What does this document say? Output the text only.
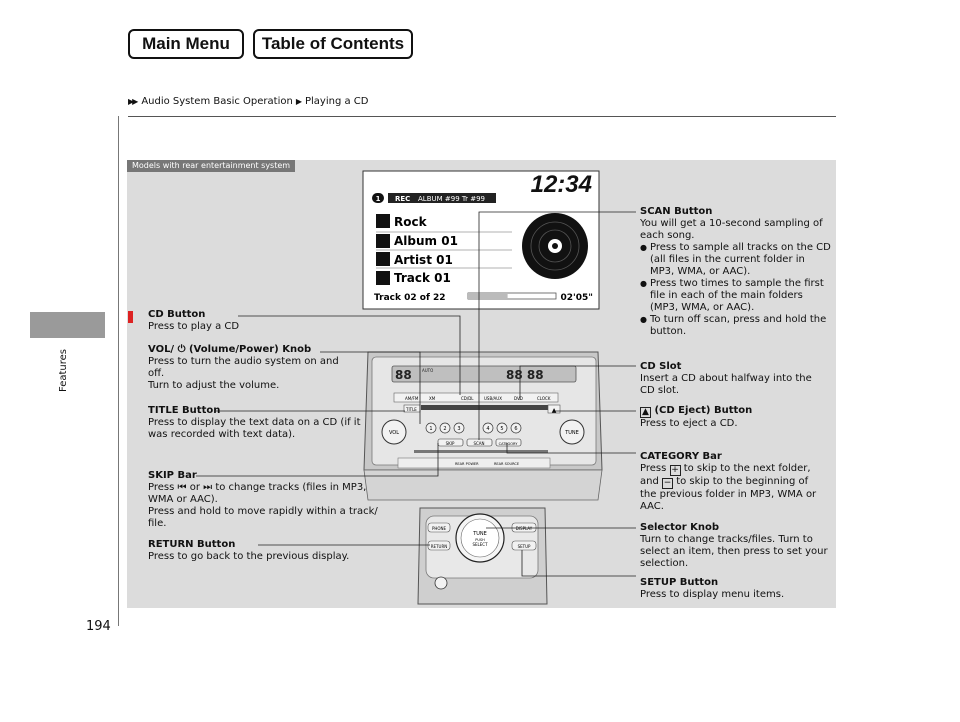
Main Menu	Table of Contents
▶▶ Audio System Basic Operation ▶ Playing a CD
Features
194
Models with rear entertainment system
1 REC ALBUM #99 Tr #99
12:34
Rock
Album 01
Artist 01
Track 01
Track 02 of 22	02'05"
88	AUTO	88 88
AM/FM	XM	CD/DL	USB/AUX	DVD	CLOCK
TITLE	▲
VOL	TUNE
1 2 3	4 5 6
SKIP	SCAN	CATEGORY
REAR POWER	REAR SOURCE
TUNE
PUSH
SELECT
PHONE
RETURN
DISPLAY
SETUP
CD Button
Press to play a CD
VOL/ ⏻ (Volume/Power) Knob
Press to turn the audio system on and
off.
Turn to adjust the volume.
TITLE Button
Press to display the text data on a CD (if it
was recorded with text data).
SKIP Bar
Press ⏮ or ⏭ to change tracks (files in MP3,
WMA or AAC).
Press and hold to move rapidly within a track/
file.
RETURN Button
Press to go back to the previous display.
SCAN Button
You will get a 10-second sampling of
each song.
● Press to sample all tracks on the CD
(all files in the current folder in
MP3, WMA, or AAC).
● Press two times to sample the first
file in each of the main folders
(MP3, WMA, or AAC).
● To turn off scan, press and hold the
button.
CD Slot
Insert a CD about halfway into the
CD slot.
▲ (CD Eject) Button
Press to eject a CD.
CATEGORY Bar
Press + to skip to the next folder,
and − to skip to the beginning of
the previous folder in MP3, WMA or
AAC.
Selector Knob
Turn to change tracks/files. Turn to
select an item, then press to set your
selection.
SETUP Button
Press to display menu items.
